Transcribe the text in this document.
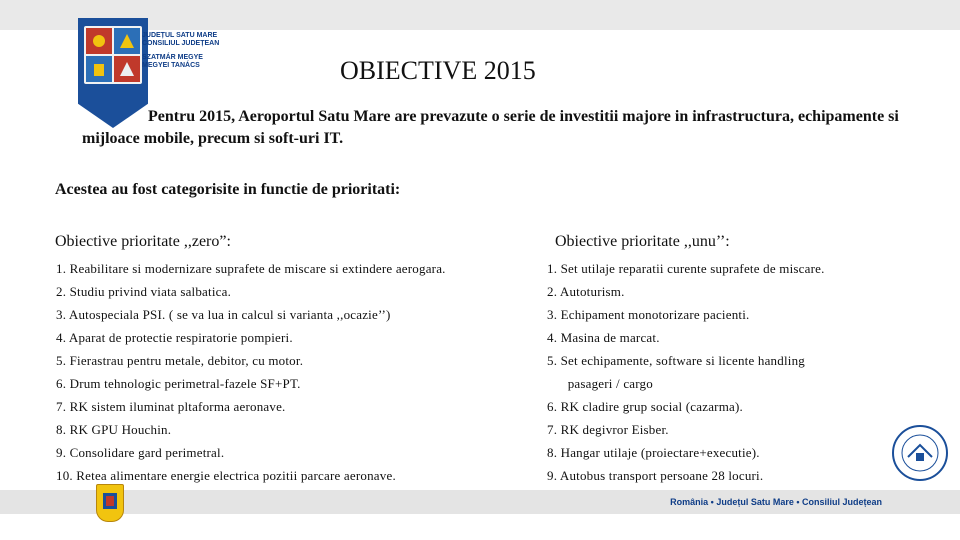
JUDEȚUL SATU MARE
CONSILIUL JUDEȚEAN
SZATMÁR MEGYE
MEGYEI TANÁCS	OBIECTIVE 2015
Pentru 2015, Aeroportul Satu Mare are prevazute o serie de investitii majore in infrastructura, echipamente si mijloace mobile, precum si soft-uri IT.
Acestea au fost categorisite in functie de prioritati:
Obiective prioritate ,,zero”:	Obiective prioritate ,,unu’’:
1. Reabilitare si modernizare suprafete de miscare si extindere aerogara.
2. Studiu privind viata salbatica.
3. Autospeciala PSI. ( se va lua in calcul si varianta ,,ocazie’’)
4. Aparat de protectie respiratorie pompieri.
5. Fierastrau pentru metale, debitor, cu motor.
6. Drum tehnologic perimetral-fazele SF+PT.
7. RK sistem iluminat pltaforma aeronave.
8. RK GPU Houchin.
9. Consolidare gard perimetral.
10. Retea alimentare energie electrica pozitii parcare aeronave.
1. Set utilaje reparatii curente suprafete de miscare.
2. Autoturism.
3. Echipament monotorizare pacienti.
4. Masina de marcat.
5. Set echipamente, software si licente handling
pasageri / cargo
6. RK cladire grup social (cazarma).
7. RK degivror Eisber.
8. Hangar utilaje (proiectare+executie).
9. Autobus transport persoane 28 locuri.
România • Județul Satu Mare • Consiliul Județean
